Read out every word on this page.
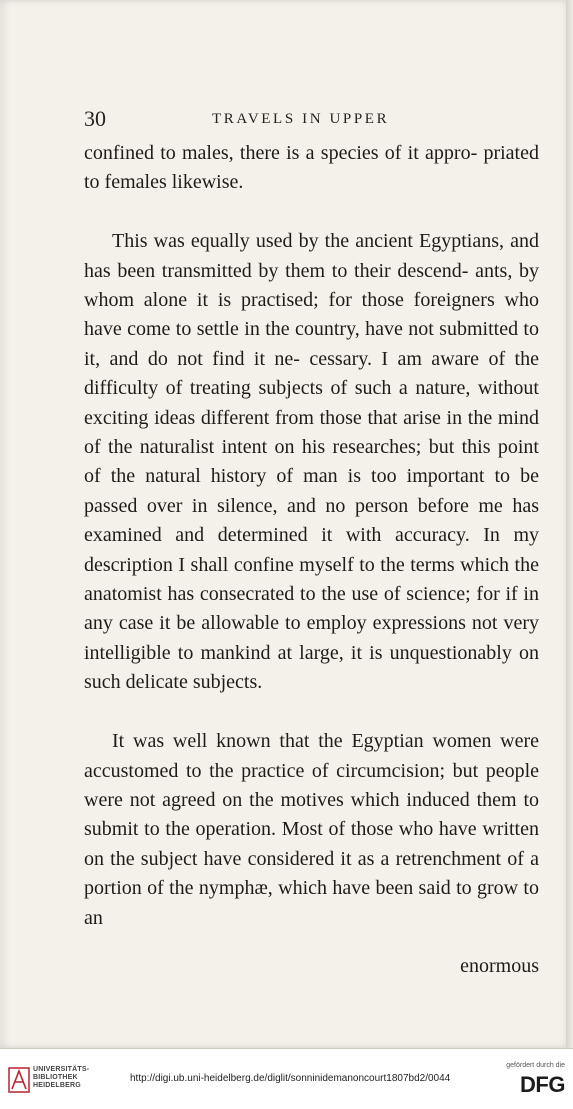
30	TRAVELS IN UPPER

confined to males, there is a species of it appro- priated to females likewise.

This was equally used by the ancient Egyptians, and has been transmitted by them to their descend- ants, by whom alone it is practised; for those foreigners who have come to settle in the country, have not submitted to it, and do not find it ne- cessary. I am aware of the difficulty of treating subjects of such a nature, without exciting ideas different from those that arise in the mind of the naturalist intent on his researches; but this point of the natural history of man is too important to be passed over in silence, and no person before me has examined and determined it with accuracy. In my description I shall confine myself to the terms which the anatomist has consecrated to the use of science; for if in any case it be allowable to employ expressions not very intelligible to mankind at large, it is unquestionably on such delicate subjects.

It was well known that the Egyptian women were accustomed to the practice of circumcision; but people were not agreed on the motives which induced them to submit to the operation. Most of those who have written on the subject have considered it as a retrenchment of a portion of the nymphæ, which have been said to grow to an

enormous
UNIVERSITÄTS-
BIBLIOTHEK
HEIDELBERG
http://digi.ub.uni-heidelberg.de/diglit/sonninidemanoncourt1807bd2/0044
gefördert durch die
DFG
